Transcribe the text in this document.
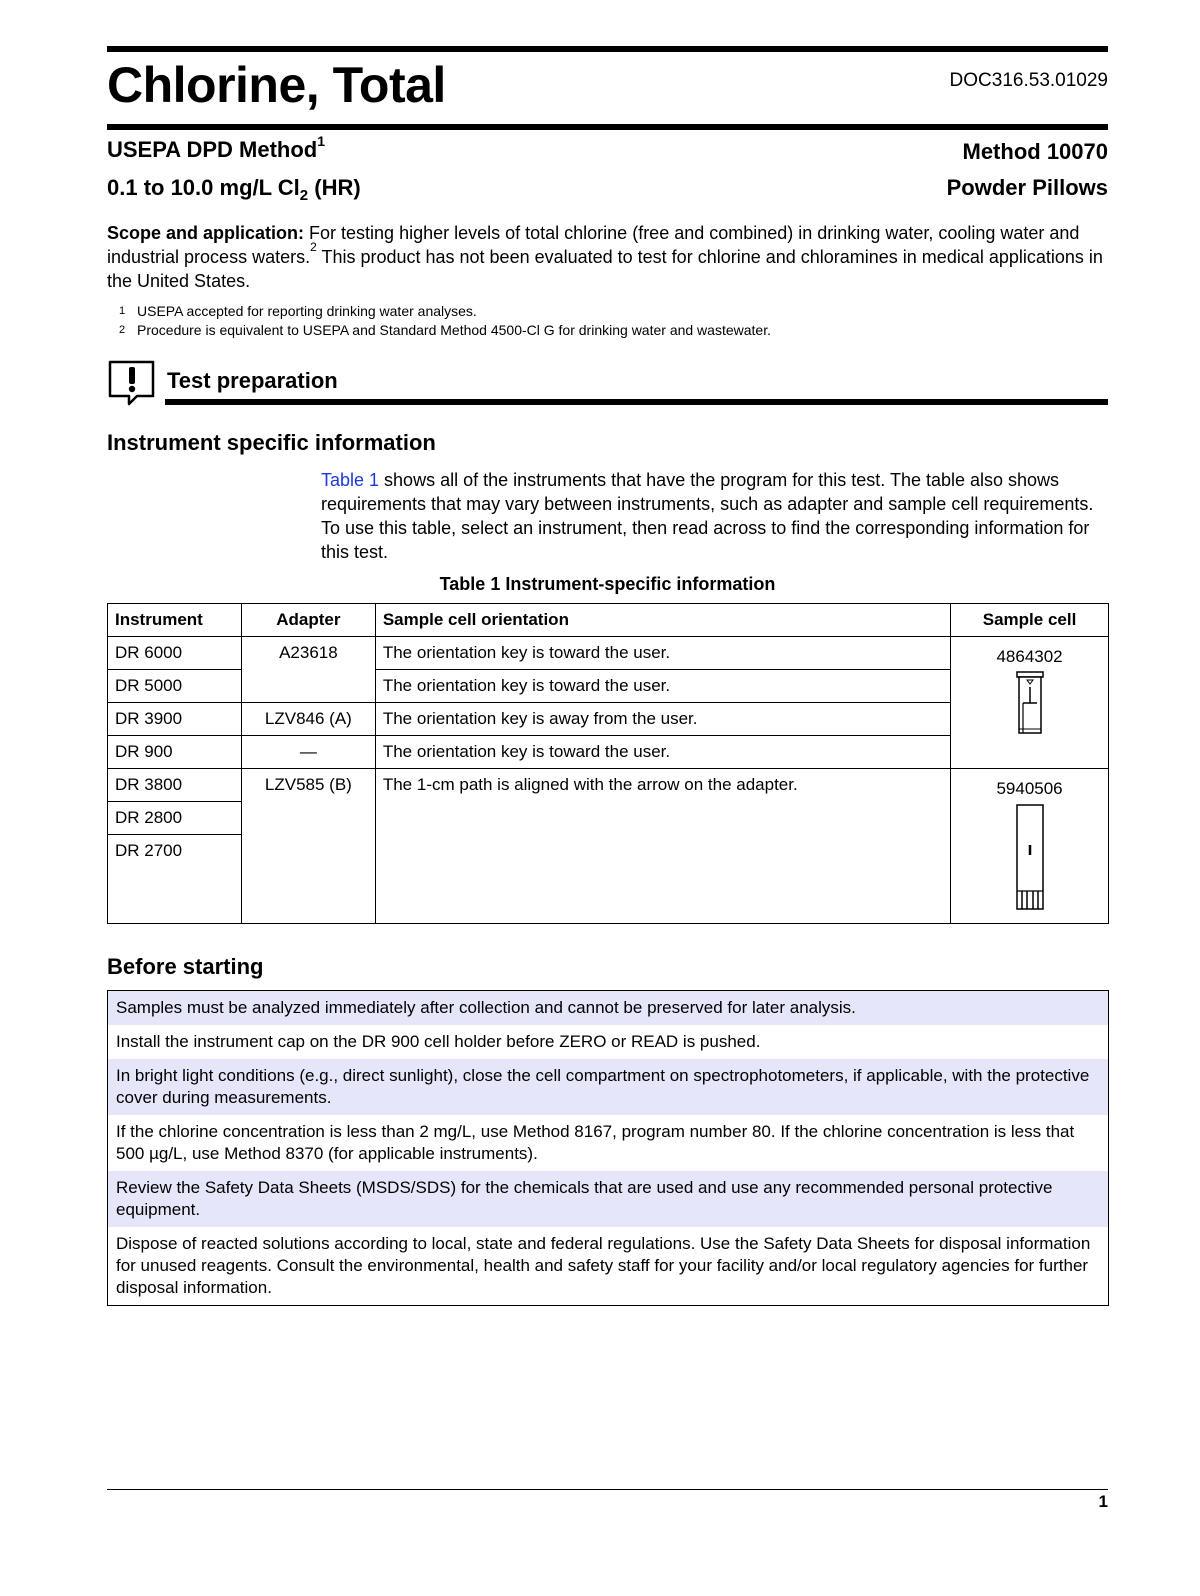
Chlorine, Total	DOC316.53.01029
USEPA DPD Method$^1$	Method 10070
0.1 to 10.0 mg/L $Cl_2$ (HR)	Powder Pillows
Scope and application: For testing higher levels of total chlorine (free and combined) in drinking water, cooling water and industrial process waters.$^2$ This product has not been evaluated to test for chlorine and chloramines in medical applications in the United States.
1 USEPA accepted for reporting drinking water analyses.
2 Procedure is equivalent to USEPA and Standard Method 4500-Cl G for drinking water and wastewater.
Test preparation
Instrument specific information
Table 1 shows all of the instruments that have the program for this test. The table also shows requirements that may vary between instruments, such as adapter and sample cell requirements. To use this table, select an instrument, then read across to find the corresponding information for this test.
Table 1 Instrument-specific information
Instrument	Adapter	Sample cell orientation	Sample cell
DR 6000	A23618	The orientation key is toward the user.	4864302

DR 5000		The orientation key is toward the user.	
DR 3900	LZV846 (A)	The orientation key is away from the user.	
DR 900	—	The orientation key is toward the user.	
DR 3800	LZV585 (B)	The 1-cm path is aligned with the arrow on the adapter.	5940506

DR 2800			
DR 2700			
Before starting
Samples must be analyzed immediately after collection and cannot be preserved for later analysis.
Install the instrument cap on the DR 900 cell holder before ZERO or READ is pushed.
In bright light conditions (e.g., direct sunlight), close the cell compartment on spectrophotometers, if applicable, with the protective cover during measurements.
If the chlorine concentration is less than 2 mg/L, use Method 8167, program number 80. If the chlorine concentration is less that 500 µg/L, use Method 8370 (for applicable instruments).
Review the Safety Data Sheets (MSDS/SDS) for the chemicals that are used and use any recommended personal protective equipment.
Dispose of reacted solutions according to local, state and federal regulations. Use the Safety Data Sheets for disposal information for unused reagents. Consult the environmental, health and safety staff for your facility and/or local regulatory agencies for further disposal information.
1
